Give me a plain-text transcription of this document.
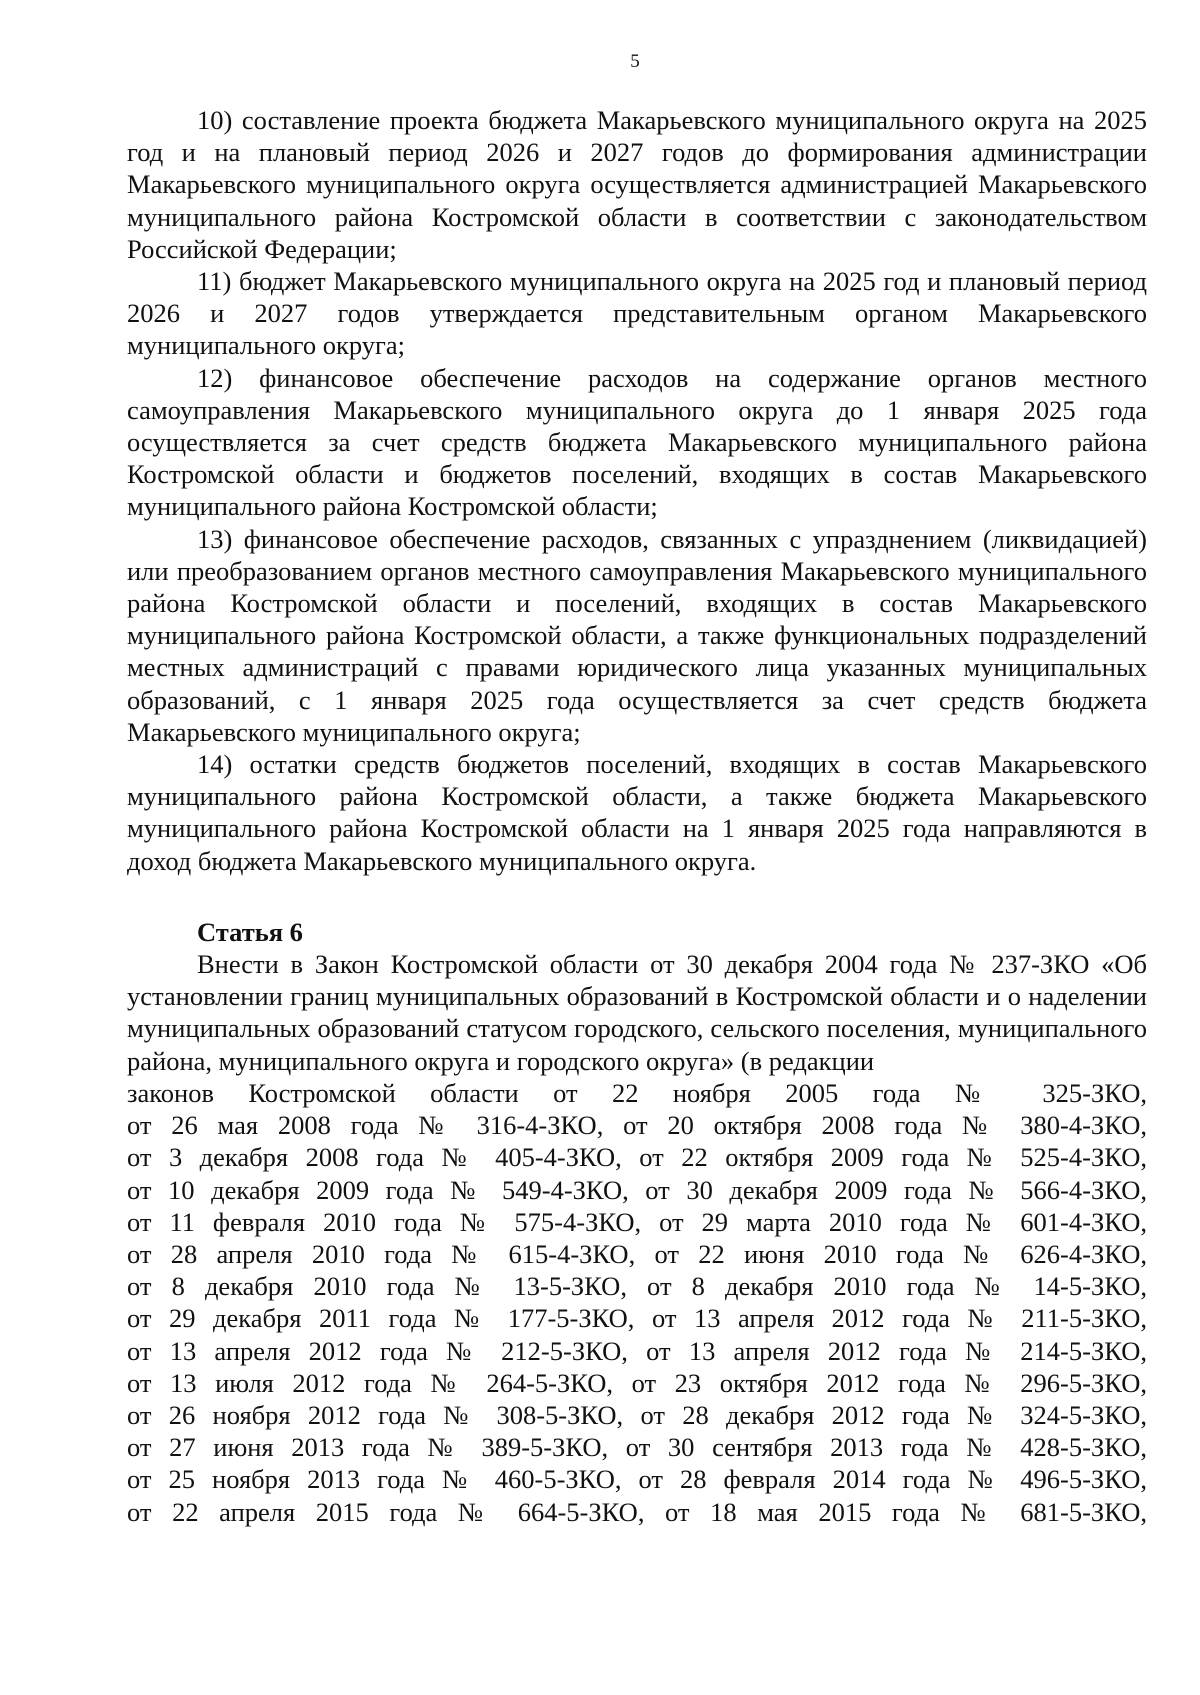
5

10) составление проекта бюджета Макарьевского муниципального округа на 2025 год и на плановый период 2026 и 2027 годов до формирования администрации Макарьевского муниципального округа осуществляется администрацией Макарьевского муниципального района Костромской области в соответствии с законодательством Российской Федерации;

11) бюджет Макарьевского муниципального округа на 2025 год и плановый период 2026 и 2027 годов утверждается представительным органом Макарьевского муниципального округа;

12) финансовое обеспечение расходов на содержание органов местного самоуправления Макарьевского муниципального округа до 1 января 2025 года осуществляется за счет средств бюджета Макарьевского муниципального района Костромской области и бюджетов поселений, входящих в состав Макарьевского муниципального района Костромской области;

13) финансовое обеспечение расходов, связанных с упразднением (ликвидацией) или преобразованием органов местного самоуправления Макарьевского муниципального района Костромской области и поселений, входящих в состав Макарьевского муниципального района Костромской области, а также функциональных подразделений местных администраций с правами юридического лица указанных муниципальных образований, с 1 января 2025 года осуществляется за счет средств бюджета Макарьевского муниципального округа;

14) остатки средств бюджетов поселений, входящих в состав Макарьевского муниципального района Костромской области, а также бюджета Макарьевского муниципального района Костромской области на 1 января 2025 года направляются в доход бюджета Макарьевского муниципального округа.

Статья 6

Внести в Закон Костромской области от 30 декабря 2004 года № 237-ЗКО «Об установлении границ муниципальных образований в Костромской области и о наделении муниципальных образований статусом городского, сельского поселения, муниципального района, муниципального округа и городского округа» (в редакции

законов Костромской области от 22 ноября 2005 года № 325-ЗКО,

от 26 мая 2008 года № 316-4-ЗКО, от 20 октября 2008 года № 380-4-ЗКО,

от 3 декабря 2008 года № 405-4-ЗКО, от 22 октября 2009 года № 525-4-ЗКО,

от 10 декабря 2009 года № 549-4-ЗКО, от 30 декабря 2009 года № 566-4-ЗКО,

от 11 февраля 2010 года № 575-4-ЗКО, от 29 марта 2010 года № 601-4-ЗКО,

от 28 апреля 2010 года № 615-4-ЗКО, от 22 июня 2010 года № 626-4-ЗКО,

от 8 декабря 2010 года № 13-5-ЗКО, от 8 декабря 2010 года № 14-5-ЗКО,

от 29 декабря 2011 года № 177-5-ЗКО, от 13 апреля 2012 года № 211-5-ЗКО,

от 13 апреля 2012 года № 212-5-ЗКО, от 13 апреля 2012 года № 214-5-ЗКО,

от 13 июля 2012 года № 264-5-ЗКО, от 23 октября 2012 года № 296-5-ЗКО,

от 26 ноября 2012 года № 308-5-ЗКО, от 28 декабря 2012 года № 324-5-ЗКО,

от 27 июня 2013 года № 389-5-ЗКО, от 30 сентября 2013 года № 428-5-ЗКО,

от 25 ноября 2013 года № 460-5-ЗКО, от 28 февраля 2014 года № 496-5-ЗКО,

от 22 апреля 2015 года № 664-5-ЗКО, от 18 мая 2015 года № 681-5-ЗКО,
